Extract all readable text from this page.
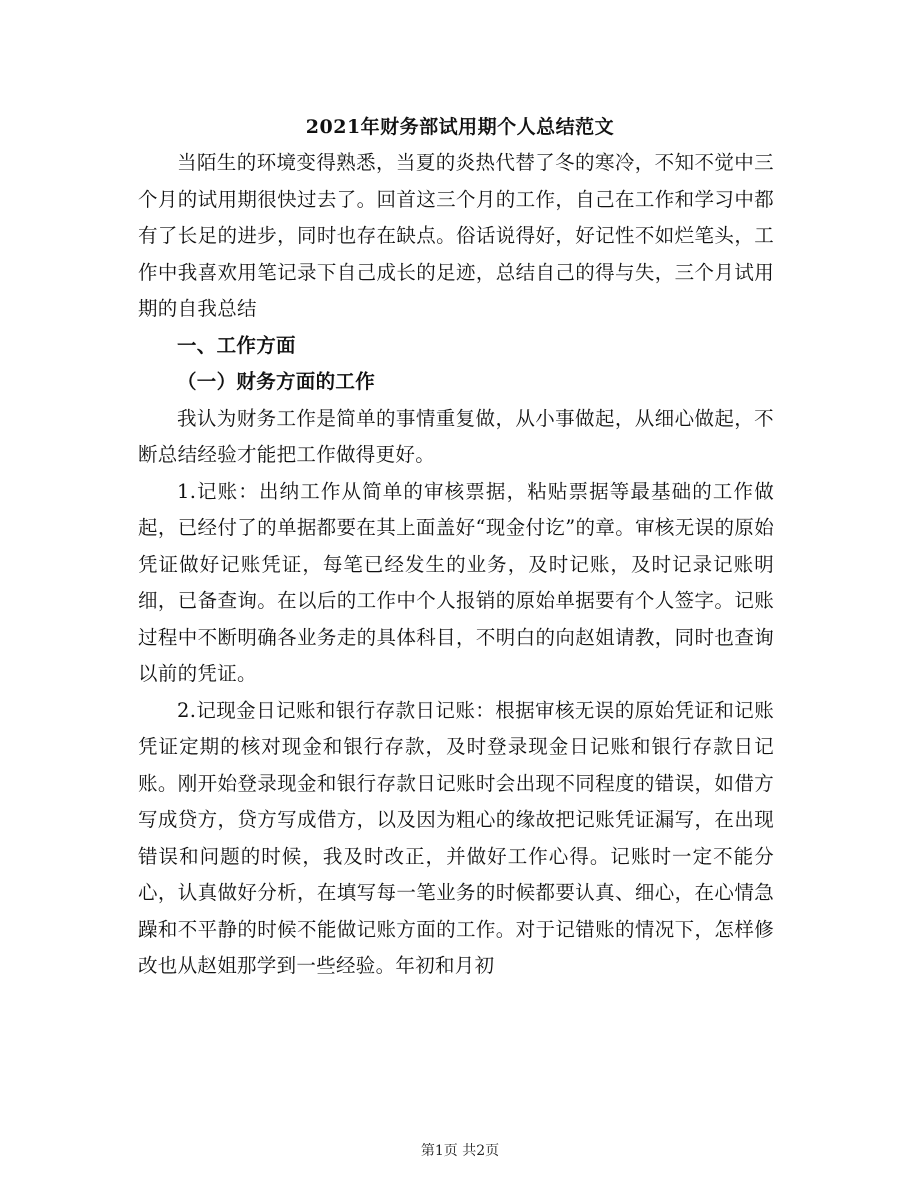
2021年财务部试用期个人总结范文

当陌生的环境变得熟悉，当夏的炎热代替了冬的寒冷，不知不觉中三个月的试用期很快过去了。回首这三个月的工作，自己在工作和学习中都有了长足的进步，同时也存在缺点。俗话说得好，好记性不如烂笔头，工作中我喜欢用笔记录下自己成长的足迹，总结自己的得与失，三个月试用期的自我总结

一、工作方面

（一）财务方面的工作

我认为财务工作是简单的事情重复做，从小事做起，从细心做起，不断总结经验才能把工作做得更好。

1.记账：出纳工作从简单的审核票据，粘贴票据等最基础的工作做起，已经付了的单据都要在其上面盖好“现金付讫”的章。审核无误的原始凭证做好记账凭证，每笔已经发生的业务，及时记账，及时记录记账明细，已备查询。在以后的工作中个人报销的原始单据要有个人签字。记账过程中不断明确各业务走的具体科目，不明白的向赵姐请教，同时也查询以前的凭证。

2.记现金日记账和银行存款日记账：根据审核无误的原始凭证和记账凭证定期的核对现金和银行存款，及时登录现金日记账和银行存款日记账。刚开始登录现金和银行存款日记账时会出现不同程度的错误，如借方写成贷方，贷方写成借方，以及因为粗心的缘故把记账凭证漏写，在出现错误和问题的时候，我及时改正，并做好工作心得。记账时一定不能分心，认真做好分析，在填写每一笔业务的时候都要认真、细心，在心情急躁和不平静的时候不能做记账方面的工作。对于记错账的情况下，怎样修改也从赵姐那学到一些经验。年初和月初

第1页 共2页
